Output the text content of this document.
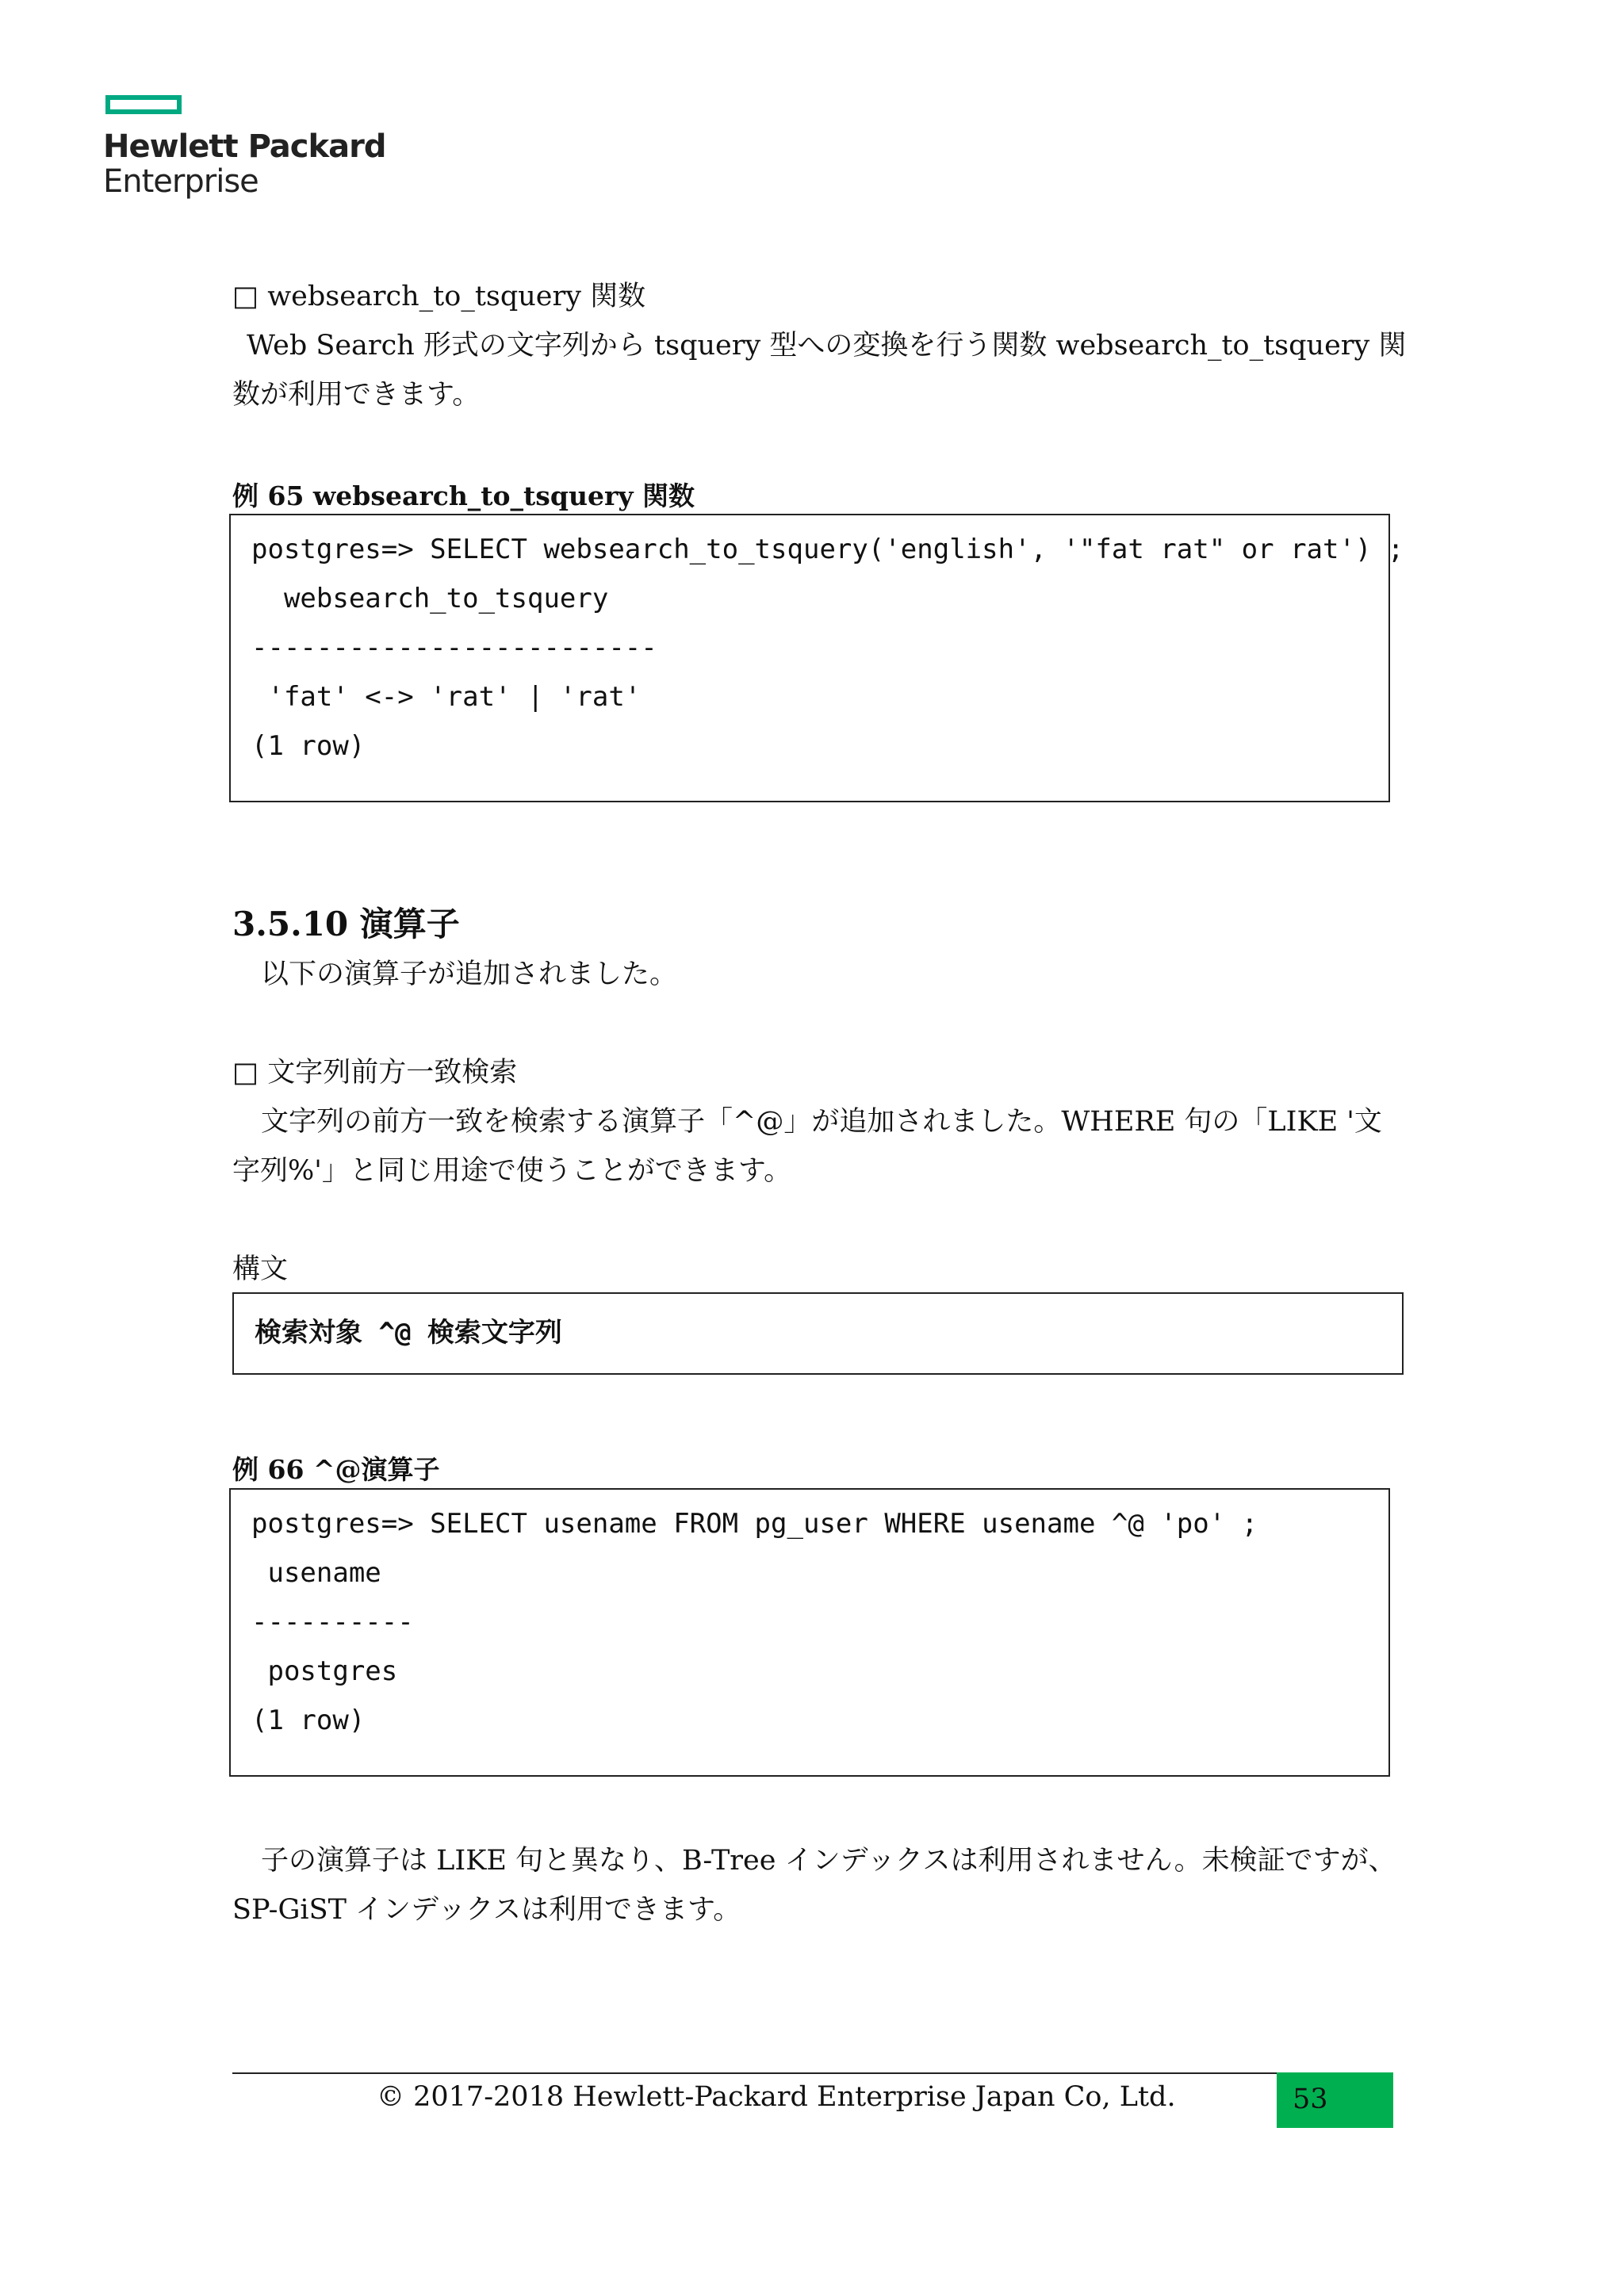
Hewlett Packard
Enterprise
□ websearch_to_tsquery 関数
Web Search 形式の文字列から tsquery 型への変換を行う関数 websearch_to_tsquery 関
数が利用できます。
例 65 websearch_to_tsquery 関数
postgres=> SELECT websearch_to_tsquery('english', '"fat rat" or rat') ;
websearch_to_tsquery
-------------------------
'fat' <-> 'rat' | 'rat'
(1 row)
3.5.10 演算子
以下の演算子が追加されました。
□ 文字列前方一致検索
文字列の前方一致を検索する演算子「^@」が追加されました。WHERE 句の「LIKE '文
字列%'」と同じ用途で使うことができます。
構文
検索対象 ^@ 検索文字列
例 66 ^@演算子
postgres=> SELECT usename FROM pg_user WHERE usename ^@ 'po' ;
usename
----------
postgres
(1 row)
子の演算子は LIKE 句と異なり、B-Tree インデックスは利用されません。未検証ですが、
SP-GiST インデックスは利用できます。
© 2017-2018 Hewlett-Packard Enterprise Japan Co, Ltd.	53
